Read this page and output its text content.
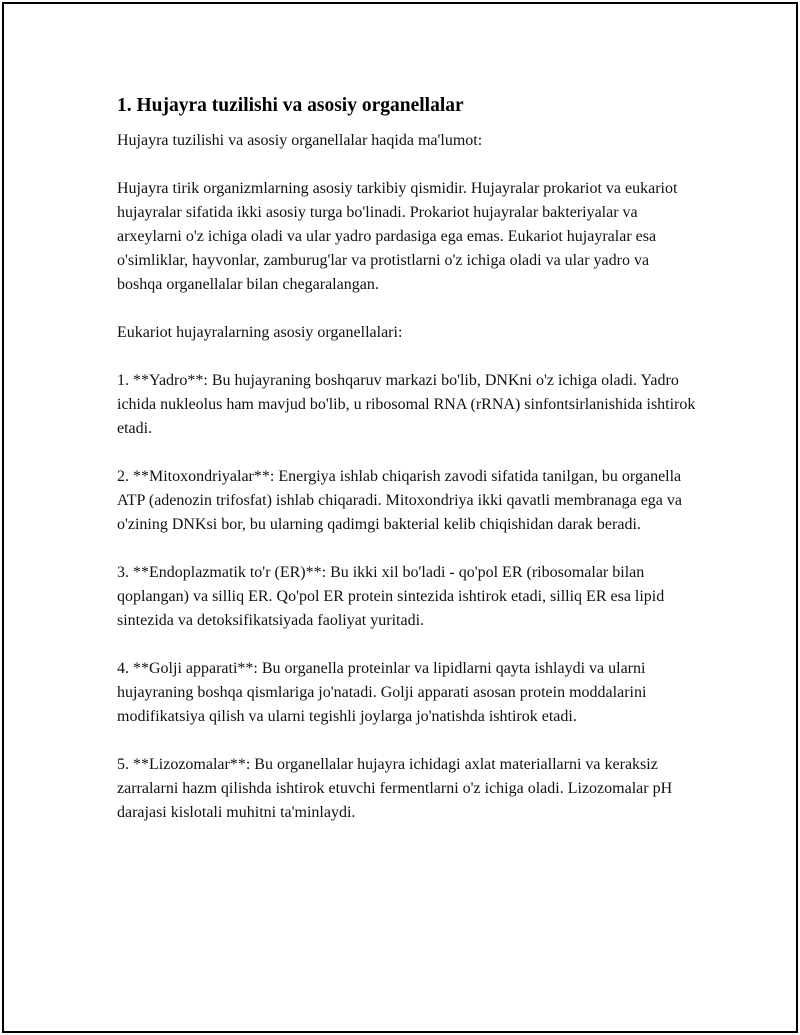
1. Hujayra tuzilishi va asosiy organellalar

Hujayra tuzilishi va asosiy organellalar haqida ma'lumot:

Hujayra tirik organizmlarning asosiy tarkibiy qismidir. Hujayralar prokariot va eukariot hujayralar sifatida ikki asosiy turga bo'linadi. Prokariot hujayralar bakteriyalar va arxeylarni o'z ichiga oladi va ular yadro pardasiga ega emas. Eukariot hujayralar esa o'simliklar, hayvonlar, zamburug'lar va protistlarni o'z ichiga oladi va ular yadro va boshqa organellalar bilan chegaralangan.

Eukariot hujayralarning asosiy organellalari:

1. **Yadro**: Bu hujayraning boshqaruv markazi bo'lib, DNKni o'z ichiga oladi. Yadro ichida nukleolus ham mavjud bo'lib, u ribosomal RNA (rRNA) sinfontsirlanishida ishtirok etadi.

2. **Mitoxondriyalar**: Energiya ishlab chiqarish zavodi sifatida tanilgan, bu organella ATP (adenozin trifosfat) ishlab chiqaradi. Mitoxondriya ikki qavatli membranaga ega va o'zining DNKsi bor, bu ularning qadimgi bakterial kelib chiqishidan darak beradi.

3. **Endoplazmatik to'r (ER)**: Bu ikki xil bo'ladi - qo'pol ER (ribosomalar bilan qoplangan) va silliq ER. Qo'pol ER protein sintezida ishtirok etadi, silliq ER esa lipid sintezida va detoksifikatsiyada faoliyat yuritadi.

4. **Golji apparati**: Bu organella proteinlar va lipidlarni qayta ishlaydi va ularni hujayraning boshqa qismlariga jo'natadi. Golji apparati asosan protein moddalarini modifikatsiya qilish va ularni tegishli joylarga jo'natishda ishtirok etadi.

5. **Lizozomalar**: Bu organellalar hujayra ichidagi axlat materiallarni va keraksiz zarralarni hazm qilishda ishtirok etuvchi fermentlarni o'z ichiga oladi. Lizozomalar pH darajasi kislotali muhitni ta'minlaydi.
